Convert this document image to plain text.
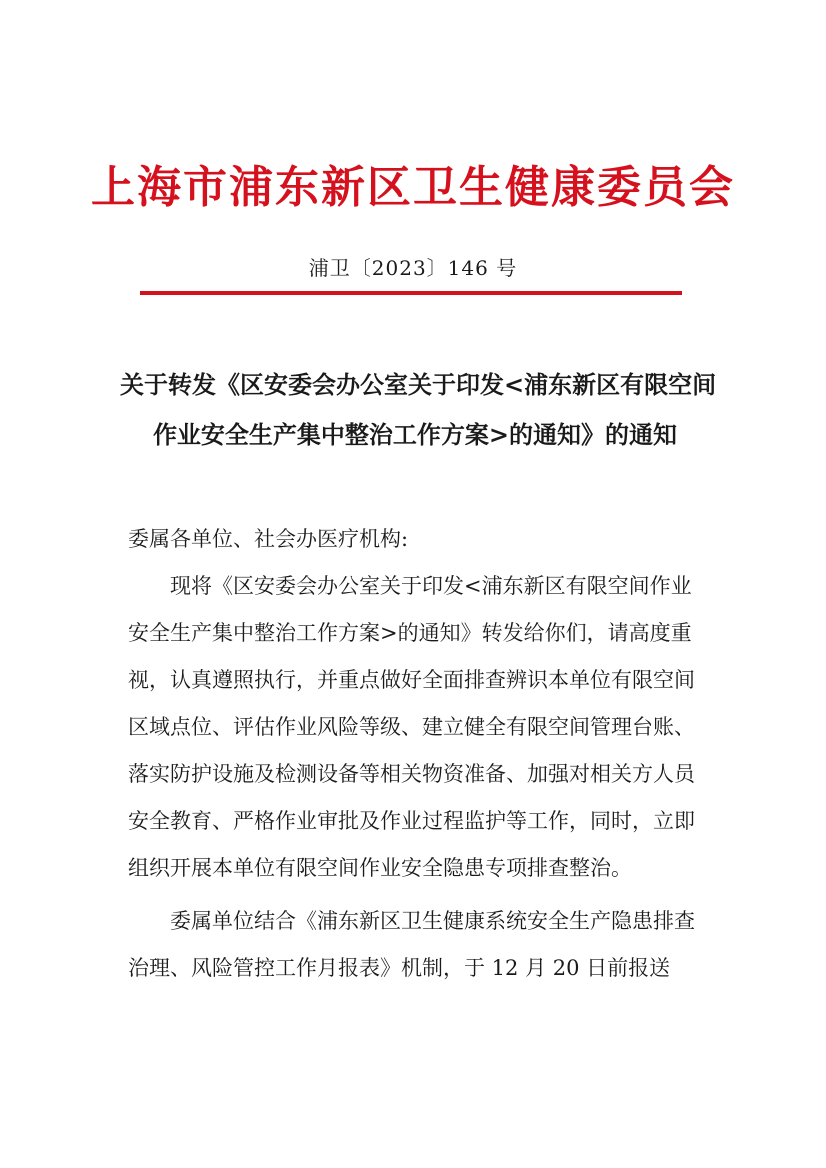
上海市浦东新区卫生健康委员会
浦卫〔2023〕146 号
关于转发《区安委会办公室关于印发<浦东新区有限空间
作业安全生产集中整治工作方案>的通知》的通知

委属各单位、社会办医疗机构:

现将《区安委会办公室关于印发<浦东新区有限空间作业安全生产集中整治工作方案>的通知》转发给你们，请高度重视，认真遵照执行，并重点做好全面排查辨识本单位有限空间区域点位、评估作业风险等级、建立健全有限空间管理台账、落实防护设施及检测设备等相关物资准备、加强对相关方人员安全教育、严格作业审批及作业过程监护等工作，同时，立即组织开展本单位有限空间作业安全隐患专项排查整治。

委属单位结合《浦东新区卫生健康系统安全生产隐患排查治理、风险管控工作月报表》机制，于 12 月 20 日前报送
